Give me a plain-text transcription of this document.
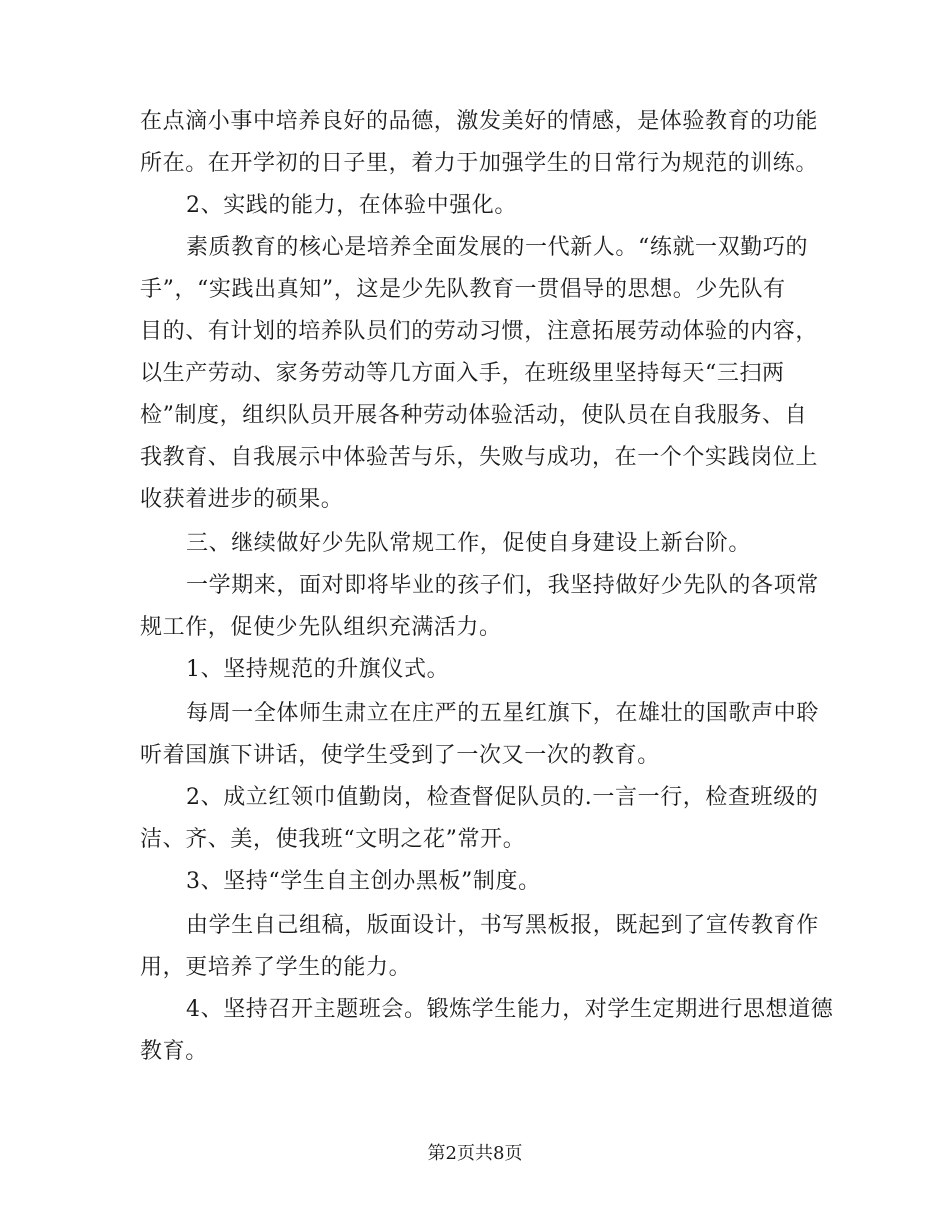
在点滴小事中培养良好的品德，激发美好的情感，是体验教育的功能
所在。在开学初的日子里，着力于加强学生的日常行为规范的训练。
2、实践的能力，在体验中强化。
素质教育的核心是培养全面发展的一代新人。“练就一双勤巧的
手”，“实践出真知”，这是少先队教育一贯倡导的思想。少先队有
目的、有计划的培养队员们的劳动习惯，注意拓展劳动体验的内容，
以生产劳动、家务劳动等几方面入手，在班级里坚持每天“三扫两
检”制度，组织队员开展各种劳动体验活动，使队员在自我服务、自
我教育、自我展示中体验苦与乐，失败与成功，在一个个实践岗位上
收获着进步的硕果。
三、继续做好少先队常规工作，促使自身建设上新台阶。
一学期来，面对即将毕业的孩子们，我坚持做好少先队的各项常
规工作，促使少先队组织充满活力。
1、坚持规范的升旗仪式。
每周一全体师生肃立在庄严的五星红旗下，在雄壮的国歌声中聆
听着国旗下讲话，使学生受到了一次又一次的教育。
2、成立红领巾值勤岗，检查督促队员的.一言一行，检查班级的
洁、齐、美，使我班“文明之花”常开。
3、坚持“学生自主创办黑板”制度。
由学生自己组稿，版面设计，书写黑板报，既起到了宣传教育作
用，更培养了学生的能力。
4、坚持召开主题班会。锻炼学生能力，对学生定期进行思想道德
教育。
第2页共8页
